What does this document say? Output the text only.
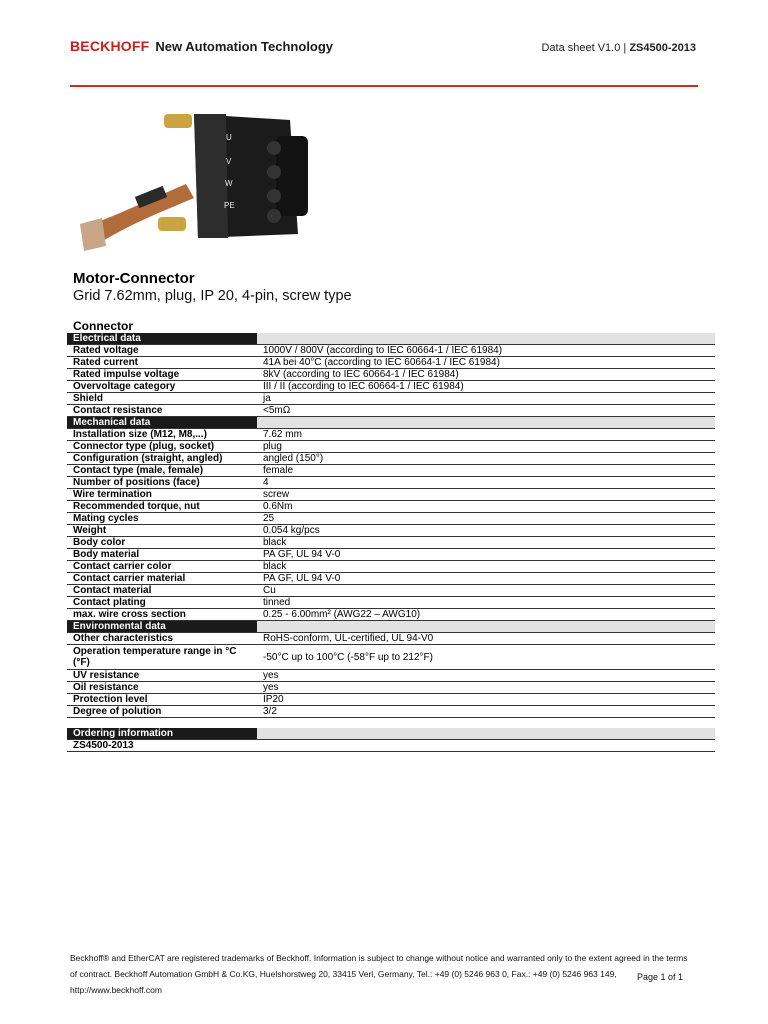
BECKHOFF New Automation Technology	Data sheet V1.0 | ZS4500-2013
U
V
W
PE
Motor-Connector
Grid 7.62mm, plug, IP 20, 4-pin, screw type
Connector
Electrical data	
Rated voltage	1000V / 800V (according to IEC 60664-1 / IEC 61984)
Rated current	41A bei 40°C (according to IEC 60664-1 / IEC 61984)
Rated impulse voltage	8kV (according to IEC 60664-1 / IEC 61984)
Overvoltage category	III / II (according to IEC 60664-1 / IEC 61984)
Shield	ja
Contact resistance	<5mΩ
Mechanical data	
Installation size (M12, M8,...)	7.62 mm
Connector type (plug, socket)	plug
Configuration (straight, angled)	angled (150°)
Contact type (male, female)	female
Number of positions (face)	4
Wire termination	screw
Recommended torque, nut	0.6Nm
Mating cycles	25
Weight	0.054 kg/pcs
Body color	black
Body material	PA GF, UL 94 V-0
Contact carrier color	black
Contact carrier material	PA GF, UL 94 V-0
Contact material	Cu
Contact plating	tinned
max. wire cross section	0.25 - 6.00mm² (AWG22 – AWG10)
Environmental data	
Other characteristics	RoHS-conform, UL-certified, UL 94-V0
Operation temperature range in °C (°F)	-50°C up to 100°C (-58°F up to 212°F)
UV resistance	yes
Oil resistance	yes
Protection level	IP20
Degree of polution	3/2

Ordering information	
ZS4500-2013	
Beckhoff® and EtherCAT are registered trademarks of Beckhoff. Information is subject to change without notice and warranted only to the extent agreed in the terms
of contract. Beckhoff Automation GmbH & Co.KG, Huelshorstweg 20, 33415 Verl, Germany, Tel.: +49 (0) 5246 963 0, Fax.: +49 (0) 5246 963 149,
http://www.beckhoff.com
Page 1 of 1
